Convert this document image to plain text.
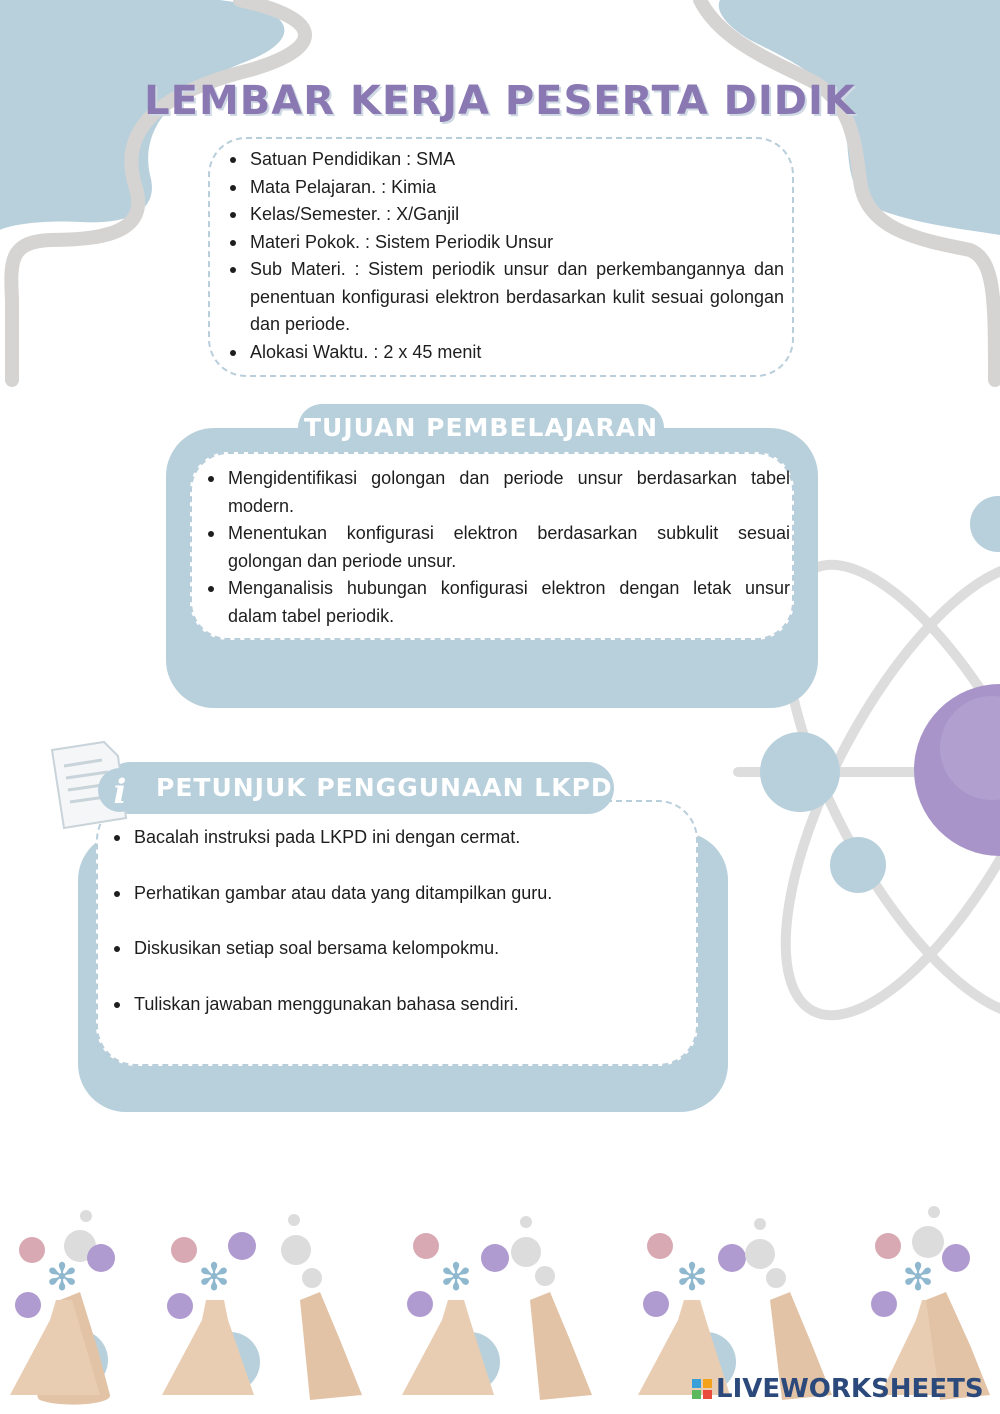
✻	✻	✻	✻	✻
LEMBAR KERJA PESERTA DIDIK
Satuan Pendidikan : SMA
Mata Pelajaran. : Kimia
Kelas/Semester. : X/Ganjil
Materi Pokok. : Sistem Periodik Unsur
Sub Materi. : Sistem periodik unsur dan perkembangannya dan penentuan konfigurasi elektron berdasarkan kulit sesuai golongan dan periode.
Alokasi Waktu. : 2 x 45 menit
Mengidentifikasi golongan dan periode unsur berdasarkan tabel modern.
Menentukan konfigurasi elektron berdasarkan subkulit sesuai golongan dan periode unsur.
Menganalisis hubungan konfigurasi elektron dengan letak unsur dalam tabel periodik.
TUJUAN PEMBELAJARAN
Bacalah instruksi pada LKPD ini dengan cermat.
Perhatikan gambar atau data yang ditampilkan guru.
Diskusikan setiap soal bersama kelompokmu.
Tuliskan jawaban menggunakan bahasa sendiri.
PETUNJUK PENGGUNAAN LKPD
i
LIVEWORKSHEETS
